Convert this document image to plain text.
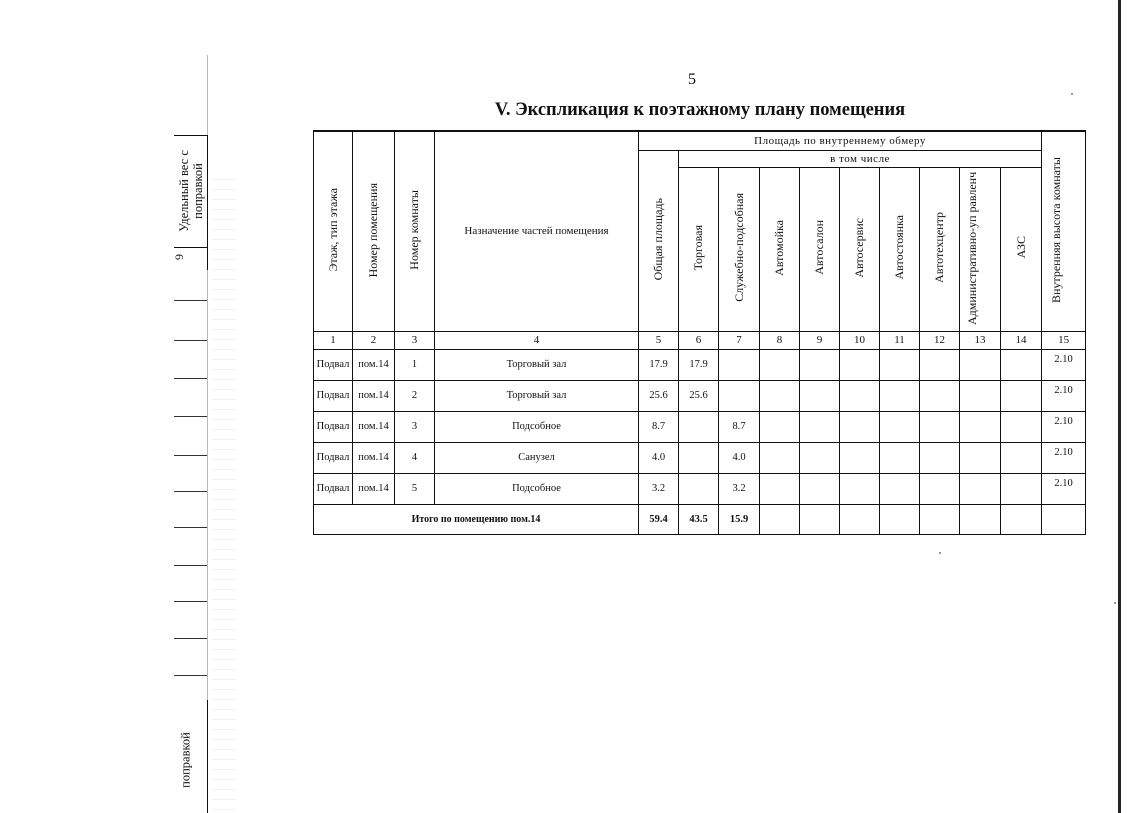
Удельный вес с поправкой
6
поправкой
5
V. Экспликация к поэтажному плану помещения
Этаж, тип этажа	Номер помещения	Номер комнаты	Назначение частей помещения	Площадь по внутреннему обмеру										Внутренняя высота комнаты
				Общая площадь	в том числе									
					Торговая	Служебно-подсобная	Автомойка	Автосалон	Автосервис	Автостоянка	Автотехцентр	Административно-уп равленч	АЗС	
1	2	3	4	5	6	7	8	9	10	11	12	13	14	15
Подвал	пом.14	1	Торговый зал	17.9	17.9									2.10
Подвал	пом.14	2	Торговый зал	25.6	25.6									2.10
Подвал	пом.14	3	Подсобное	8.7		8.7								2.10
Подвал	пом.14	4	Санузел	4.0		4.0								2.10
Подвал	пом.14	5	Подсобное	3.2		3.2								2.10
Итого по помещению пом.14				59.4	43.5	15.9								
